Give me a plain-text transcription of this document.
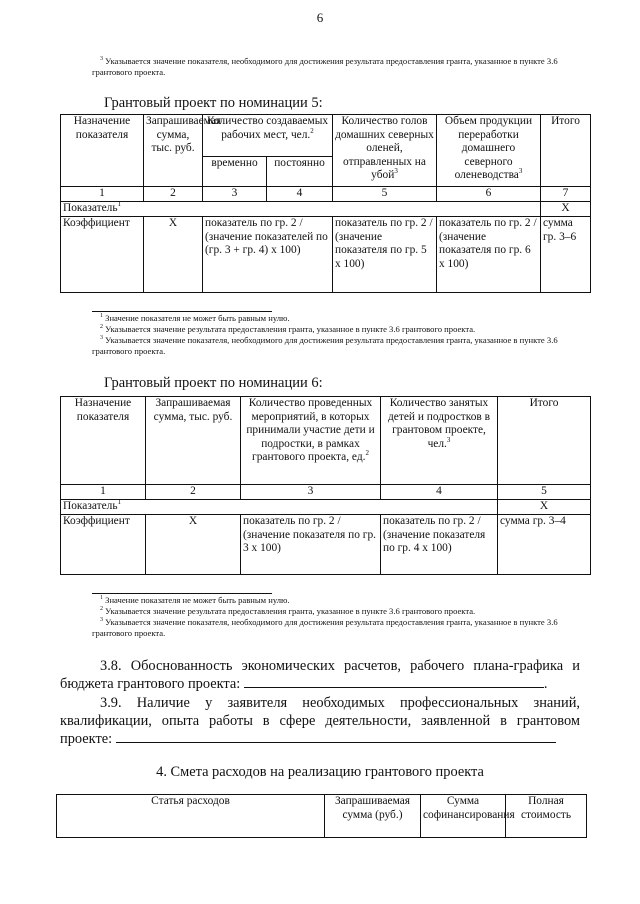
6
$^3$ Указывается значение показателя, необходимого для достижения результата предоставления гранта, указанное в пункте 3.6 грантового проекта.
Грантовый проект по номинации 5:
Назначение показателя	Запрашиваемая сумма, тыс. руб.	Количество создаваемых рабочих мест, чел.$^2$		Количество голов домашних северных оленей, отправленных на убой$^3$	Объем продукции переработки домашнего северного оленеводства$^3$	Итого
		временно	постоянно			
1	2	3	4	5	6	7
Показатель$^1$						Х
Коэффициент	Х	показатель по гр. 2 / (значение показателей по (гр. 3 + гр. 4) х 100)		показатель по гр. 2 / (значение показателя по гр. 5 х 100)	показатель по гр. 2 / (значение показателя по гр. 6 х 100)	сумма гр. 3–6
$^1$ Значение показателя не может быть равным нулю.
$^2$ Указывается значение результата предоставления гранта, указанное в пункте 3.6 грантового проекта.
$^3$ Указывается значение показателя, необходимого для достижения результата предоставления гранта, указанное в пункте 3.6 грантового проекта.
Грантовый проект по номинации 6:
Назначение показателя	Запрашиваемая сумма, тыс. руб.	Количество проведенных мероприятий, в которых принимали участие дети и подростки, в рамках грантового проекта, ед.$^2$	Количество занятых детей и подростков в грантовом проекте, чел.$^3$	Итого
1	2	3	4	5
Показатель$^1$				Х
Коэффициент	Х	показатель по гр. 2 / (значение показателя по гр. 3 х 100)	показатель по гр. 2 / (значение показателя по гр. 4 х 100)	сумма гр. 3–4
$^1$ Значение показателя не может быть равным нулю.
$^2$ Указывается значение результата предоставления гранта, указанное в пункте 3.6 грантового проекта.
$^3$ Указывается значение показателя, необходимого для достижения результата предоставления гранта, указанное в пункте 3.6 грантового проекта.
3.8. Обоснованность экономических расчетов, рабочего плана-графика и бюджета грантового проекта:	.
3.9. Наличие у заявителя необходимых профессиональных знаний, квалификации, опыта работы в сфере деятельности, заявленной в грантовом проекте:
4. Смета расходов на реализацию грантового проекта
Статья расходов	Запрашиваемая сумма (руб.)	Сумма софинансирования	Полная стоимость
